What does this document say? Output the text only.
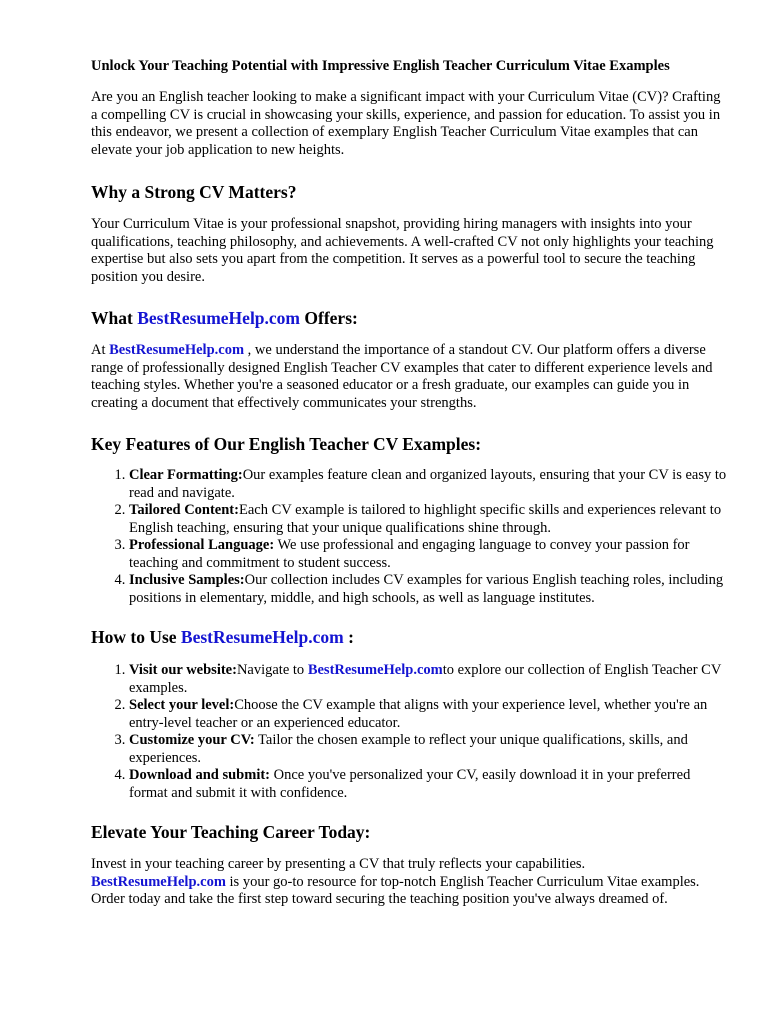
Unlock Your Teaching Potential with Impressive English Teacher Curriculum Vitae Examples

Are you an English teacher looking to make a significant impact with your Curriculum Vitae (CV)? Crafting a compelling CV is crucial in showcasing your skills, experience, and passion for education. To assist you in this endeavor, we present a collection of exemplary English Teacher Curriculum Vitae examples that can elevate your job application to new heights.

Why a Strong CV Matters?

Your Curriculum Vitae is your professional snapshot, providing hiring managers with insights into your qualifications, teaching philosophy, and achievements. A well-crafted CV not only highlights your teaching expertise but also sets you apart from the competition. It serves as a powerful tool to secure the teaching position you desire.

What BestResumeHelp.com Offers:

At BestResumeHelp.com , we understand the importance of a standout CV. Our platform offers a diverse range of professionally designed English Teacher CV examples that cater to different experience levels and teaching styles. Whether you're a seasoned educator or a fresh graduate, our examples can guide you in creating a document that effectively communicates your strengths.

Key Features of Our English Teacher CV Examples:
1. Clear Formatting:Our examples feature clean and organized layouts, ensuring that your CV is easy to read and navigate.
2. Tailored Content:Each CV example is tailored to highlight specific skills and experiences relevant to English teaching, ensuring that your unique qualifications shine through.
3. Professional Language: We use professional and engaging language to convey your passion for teaching and commitment to student success.
4. Inclusive Samples:Our collection includes CV examples for various English teaching roles, including positions in elementary, middle, and high schools, as well as language institutes.
How to Use BestResumeHelp.com :
1. Visit our website:Navigate to BestResumeHelp.comto explore our collection of English Teacher CV examples.
2. Select your level:Choose the CV example that aligns with your experience level, whether you're an entry-level teacher or an experienced educator.
3. Customize your CV: Tailor the chosen example to reflect your unique qualifications, skills, and experiences.
4. Download and submit: Once you've personalized your CV, easily download it in your preferred format and submit it with confidence.
Elevate Your Teaching Career Today:

Invest in your teaching career by presenting a CV that truly reflects your capabilities.
BestResumeHelp.com is your go-to resource for top-notch English Teacher Curriculum Vitae examples. Order today and take the first step toward securing the teaching position you've always dreamed of.
